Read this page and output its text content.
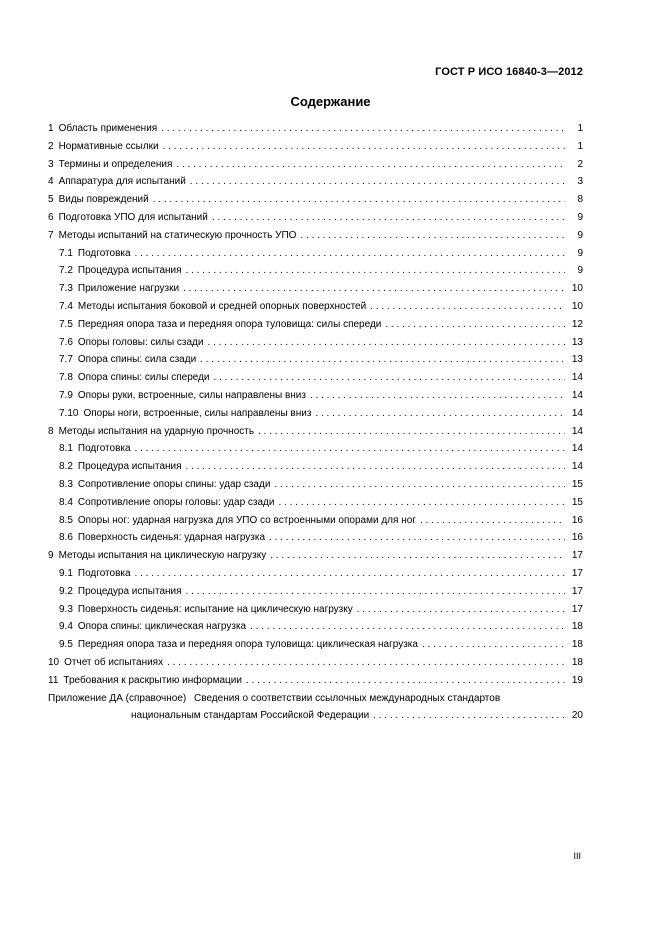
ГОСТ Р ИСО 16840-3—2012
Содержание
1 Область применения . . .	1
2 Нормативные ссылки . . .	1
3 Термины и определения . . .	2
4 Аппаратура для испытаний . . .	3
5 Виды повреждений . . .	8
6 Подготовка УПО для испытаний . . .	9
7 Методы испытаний на статическую прочность УПО . . .	9
7.1 Подготовка . . .	9
7.2 Процедура испытания . . .	9
7.3 Приложение нагрузки . . .	10
7.4 Методы испытания боковой и средней опорных поверхностей . . .	10
7.5 Передняя опора таза и передняя опора туловища: силы спереди . . .	12
7.6 Опоры головы: силы сзади . . .	13
7.7 Опора спины: сила сзади . . .	13
7.8 Опора спины: силы спереди . . .	14
7.9 Опоры руки, встроенные, силы направлены вниз . . .	14
7.10 Опоры ноги, встроенные, силы направлены вниз . . .	14
8 Методы испытания на ударную прочность . . .	14
8.1 Подготовка . . .	14
8.2 Процедура испытания . . .	14
8.3 Сопротивление опоры спины: удар сзади . . .	15
8.4 Сопротивление опоры головы: удар сзади . . .	15
8.5 Опоры ног: ударная нагрузка для УПО со встроенными опорами для ног . . .	16
8.6 Поверхность сиденья: ударная нагрузка . . .	16
9 Методы испытания на циклическую нагрузку . . .	17
9.1 Подготовка . . .	17
9.2 Процедура испытания . . .	17
9.3 Поверхность сиденья: испытание на циклическую нагрузку . . .	17
9.4 Опора спины: циклическая нагрузка . . .	18
9.5 Передняя опора таза и передняя опора туловища: циклическая нагрузка . . .	18
10 Отчет об испытаниях . . .	18
11 Требования к раскрытию информации . . .	19
Приложение ДА (справочное) Сведения о соответствии ссылочных международных стандартов
национальным стандартам Российской Федерации . . .	20
III
